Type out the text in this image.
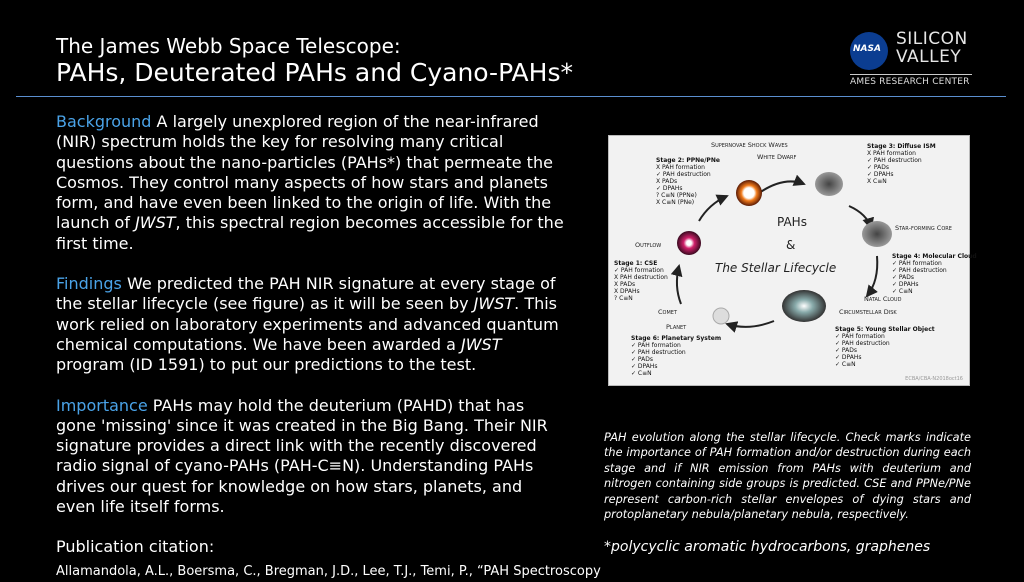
The James Webb Space Telescope:
PAHs, Deuterated PAHs and Cyano-PAHs*
NASA SILICON
VALLEY
AMES RESEARCH CENTER

Background A largely unexplored region of the near-infrared (NIR) spectrum holds the key for resolving many critical questions about the nano-particles (PAHs*) that permeate the Cosmos. They control many aspects of how stars and planets form, and have even been linked to the origin of life. With the launch of JWST, this spectral region becomes accessible for the first time.

Findings We predicted the PAH NIR signature at every stage of the stellar lifecycle (see figure) as it will be seen by JWST. This work relied on laboratory experiments and advanced quantum chemical computations. We have been awarded a JWST program (ID 1591) to put our predictions to the test.

Importance PAHs may hold the deuterium (PAHD) that has gone 'missing' since it was created in the Big Bang. Their NIR signature provides a direct link with the recently discovered radio signal of cyano-PAHs (PAH-C≡N). Understanding PAHs drives our quest for knowledge on how stars, planets, and even life itself forms.

Publication citation:
Allamandola, A.L., Boersma, C., Bregman, J.D., Lee, T.J., Temi, P., “PAH Spectroscopy
Supernovae Shock Waves
White Dwarf
Outflow
Star-forming Core
Natal Cloud
Circumstellar Disk
Comet
Planet
PAHs
&
The Stellar Lifecycle
Stage 2: PPNe/PNe
X PAH formation
✓ PAH destruction
X PADs
✓ DPAHs
? C≡N (PPNe)
X C≡N (PNe)
Stage 3: Diffuse ISM
X PAH formation
✓ PAH destruction
✓ PADs
✓ DPAHs
X C≡N
Stage 1: CSE
✓ PAH formation
X PAH destruction
X PADs
X DPAHs
? C≡N
Stage 4: Molecular Cloud
✓ PAH formation
✓ PAH destruction
✓ PADs
✓ DPAHs
✓ C≡N
Stage 5: Young Stellar Object
✓ PAH formation
✓ PAH destruction
✓ PADs
✓ DPAHs
✓ C≡N
Stage 6: Planetary System
✓ PAH formation
✓ PAH destruction
✓ PADs
✓ DPAHs
✓ C≡N
ECBA/CBA-N2018oct16
PAH evolution along the stellar lifecycle. Check marks indicate the importance of PAH formation and/or destruction during each stage and if NIR emission from PAHs with deuterium and nitrogen containing side groups is predicted. CSE and PPNe/PNe represent carbon-rich stellar envelopes of dying stars and protoplanetary nebula/planetary nebula, respectively.
*polycyclic aromatic hydrocarbons, graphenes
